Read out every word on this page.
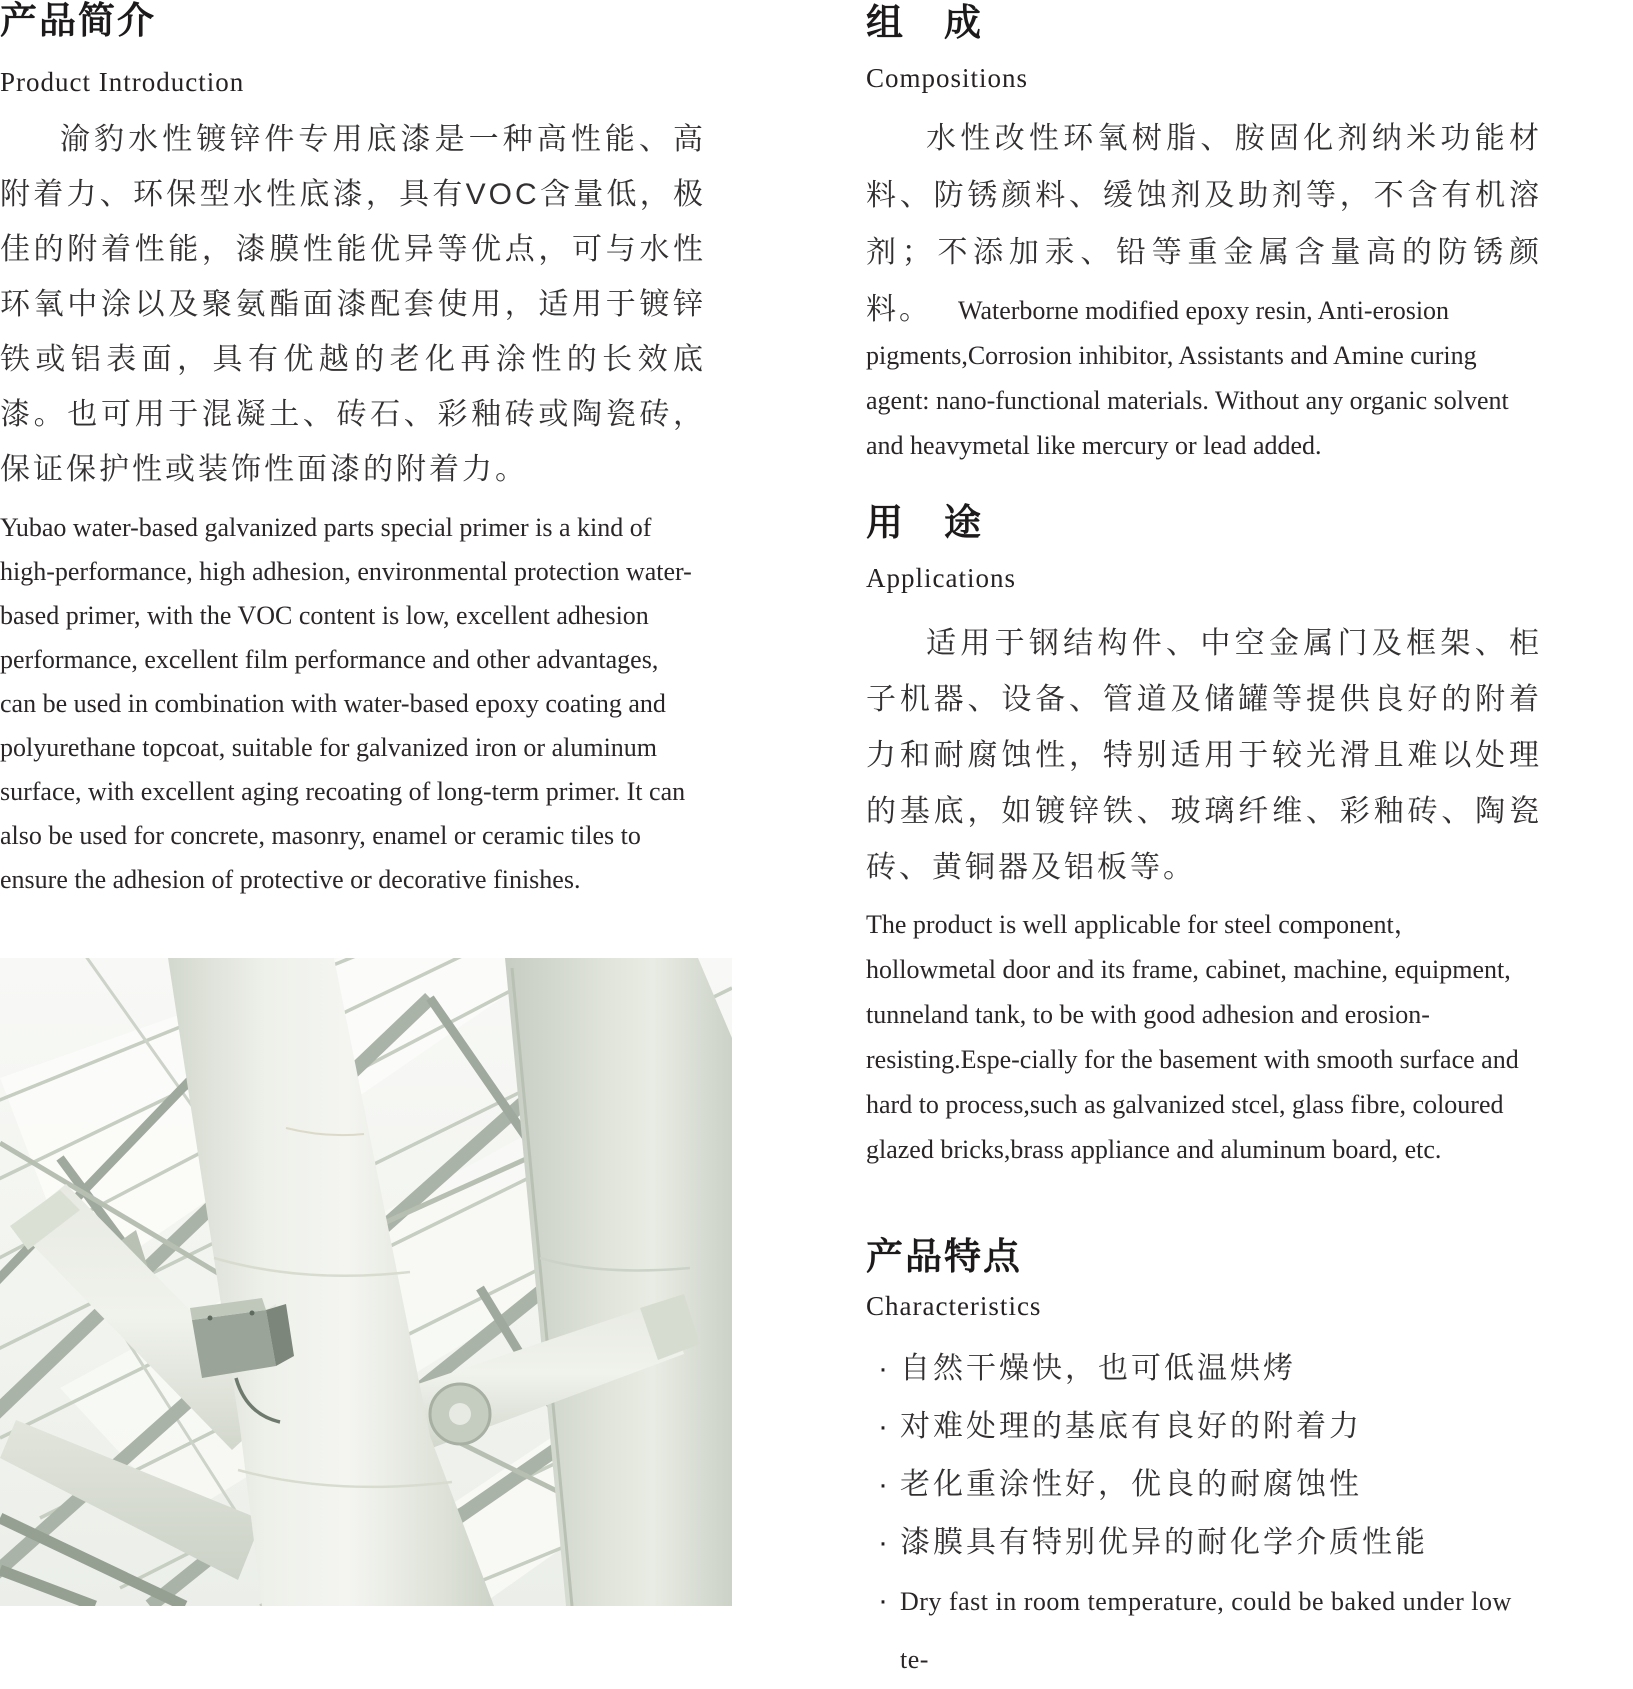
产品简介
Product Introduction
渝豹水性镀锌件专用底漆是一种高性能、高附着力、环保型水性底漆，具有VOC含量低，极佳的附着性能，漆膜性能优异等优点，可与水性环氧中涂以及聚氨酯面漆配套使用，适用于镀锌铁或铝表面，具有优越的老化再涂性的长效底漆。也可用于混凝土、砖石、彩釉砖或陶瓷砖，保证保护性或装饰性面漆的附着力。
Yubao water-based galvanized parts special primer is a kind of high-performance, high adhesion, environmental protection water-based primer, with the VOC content is low, excellent adhesion performance, excellent film performance and other advantages, can be used in combination with water-based epoxy coating and polyurethane topcoat, suitable for galvanized iron or aluminum surface, with excellent aging recoating of long-term primer. It can also be used for concrete, masonry, enamel or ceramic tiles to ensure the adhesion of protective or decorative finishes.
组　成
Compositions
水性改性环氧树脂、胺固化剂纳米功能材料、防锈颜料、缓蚀剂及助剂等，不含有机溶剂；不添加汞、铅等重金属含量高的防锈颜料。	Waterborne modified epoxy resin, Anti-erosion pigments,Corrosion inhibitor, Assistants and Amine curing agent: nano-functional materials. Without any organic solvent and heavymetal like mercury or lead added.
用　途
Applications
适用于钢结构件、中空金属门及框架、柜子机器、设备、管道及储罐等提供良好的附着力和耐腐蚀性，特别适用于较光滑且难以处理的基底，如镀锌铁、玻璃纤维、彩釉砖、陶瓷砖、黄铜器及铝板等。
The product is well applicable for steel component，hollowmetal door and its frame, cabinet, machine, equipment, tunneland tank, to be with good adhesion and erosion-resisting.Espe-cially for the basement with smooth surface and hard to process,such as galvanized stcel, glass fibre, coloured glazed bricks,brass appliance and aluminum board, etc.
产品特点
Characteristics
· 自然干燥快，也可低温烘烤
· 对难处理的基底有良好的附着力
· 老化重涂性好，优良的耐腐蚀性
· 漆膜具有特别优异的耐化学介质性能
· Dry fast in room temperature, could be baked under low te-
